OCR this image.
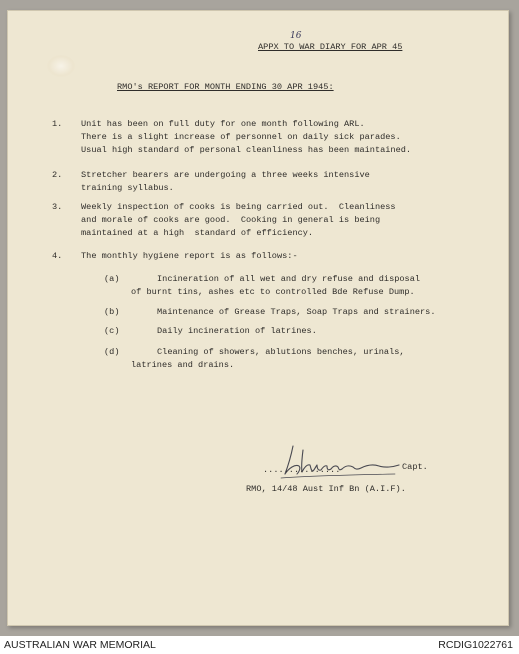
APPX TO WAR DIARY FOR APR 45
16
RMO's REPORT FOR MONTH ENDING 30 APR 1945:
1. Unit has been on full duty for one month following ARL.
There is a slight increase of personnel on daily sick parades.
Usual high standard of personal cleanliness has been maintained.
2. Stretcher bearers are undergoing a three weeks intensive
training syllabus.
3. Weekly inspection of cooks is being carried out.  Cleanliness
and morale of cooks are good.  Cooking in general is being
maintained at a high  standard of efficiency.
4. The monthly hygiene report is as follows:-
(a)	Incineration of all wet and dry refuse and disposal
of burnt tins, ashes etc to controlled Bde Refuse Dump.
(b)	Maintenance of Grease Traps, Soap Traps and strainers.
(c)	Daily incineration of latrines.
(d)	Cleaning of showers, ablutions benches, urinals,
latrines and drains.
...............	Capt.
RMO, 14/48 Aust Inf Bn (A.I.F).
AUSTRALIAN WAR MEMORIAL	RCDIG1022761
